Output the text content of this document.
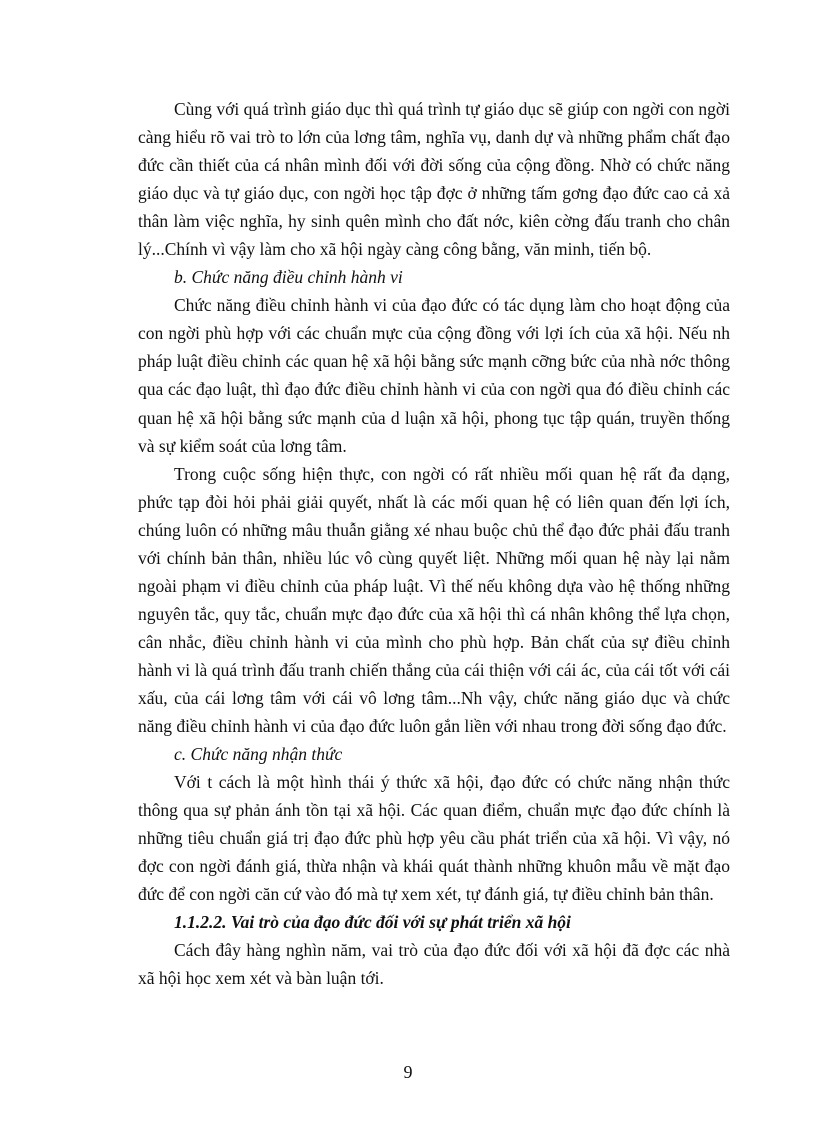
Cùng với quá trình giáo dục thì quá trình tự giáo dục sẽ giúp con ngời con ngời càng hiểu rõ vai trò to lớn của lơng tâm, nghĩa vụ, danh dự và những phẩm chất đạo đức cần thiết của cá nhân mình đối với đời sống của cộng đồng. Nhờ có chức năng giáo dục và tự giáo dục, con ngời học tập đợc ở những tấm gơng đạo đức cao cả xả thân làm việc nghĩa, hy sinh quên mình cho đất nớc, kiên cờng đấu tranh cho chân lý...Chính vì vậy làm cho xã hội ngày càng công bằng, văn minh, tiến bộ.

b. Chức năng điều chỉnh hành vi

Chức năng điều chỉnh hành vi của đạo đức có tác dụng làm cho hoạt động của con ngời phù hợp với các chuẩn mực của cộng đồng với lợi ích của xã hội. Nếu nh pháp luật điều chỉnh các quan hệ xã hội bằng sức mạnh cỡng bức của nhà nớc thông qua các đạo luật, thì đạo đức điều chỉnh hành vi của con ngời qua đó điều chỉnh các quan hệ xã hội bằng sức mạnh của d luận xã hội, phong tục tập quán, truyền thống và sự kiểm soát của lơng tâm.

Trong cuộc sống hiện thực, con ngời có rất nhiều mối quan hệ rất đa dạng, phức tạp đòi hỏi phải giải quyết, nhất là các mối quan hệ có liên quan đến lợi ích, chúng luôn có những mâu thuẫn giằng xé nhau buộc chủ thể đạo đức phải đấu tranh với chính bản thân, nhiều lúc vô cùng quyết liệt. Những mối quan hệ này lại nằm ngoài phạm vi điều chỉnh của pháp luật. Vì thế nếu không dựa vào hệ thống những nguyên tắc, quy tắc, chuẩn mực đạo đức của xã hội thì cá nhân không thể lựa chọn, cân nhắc, điều chỉnh hành vi của mình cho phù hợp. Bản chất của sự điều chỉnh hành vi là quá trình đấu tranh chiến thắng của cái thiện với cái ác, của cái tốt với cái xấu, của cái lơng tâm với cái vô lơng tâm...Nh vậy, chức năng giáo dục và chức năng điều chỉnh hành vi của đạo đức luôn gắn liền với nhau trong đời sống đạo đức.

c. Chức năng nhận thức

Với t cách là một hình thái ý thức xã hội, đạo đức có chức năng nhận thức thông qua sự phản ánh tồn tại xã hội. Các quan điểm, chuẩn mực đạo đức chính là những tiêu chuẩn giá trị đạo đức phù hợp yêu cầu phát triển của xã hội. Vì vậy, nó đợc con ngời đánh giá, thừa nhận và khái quát thành những khuôn mẫu về mặt đạo đức để con ngời căn cứ vào đó mà tự xem xét, tự đánh giá, tự điều chỉnh bản thân.

1.1.2.2. Vai trò của đạo đức đối với sự phát triển xã hội

Cách đây hàng nghìn năm, vai trò của đạo đức đối với xã hội đã đợc các nhà xã hội học xem xét và bàn luận tới.

9
